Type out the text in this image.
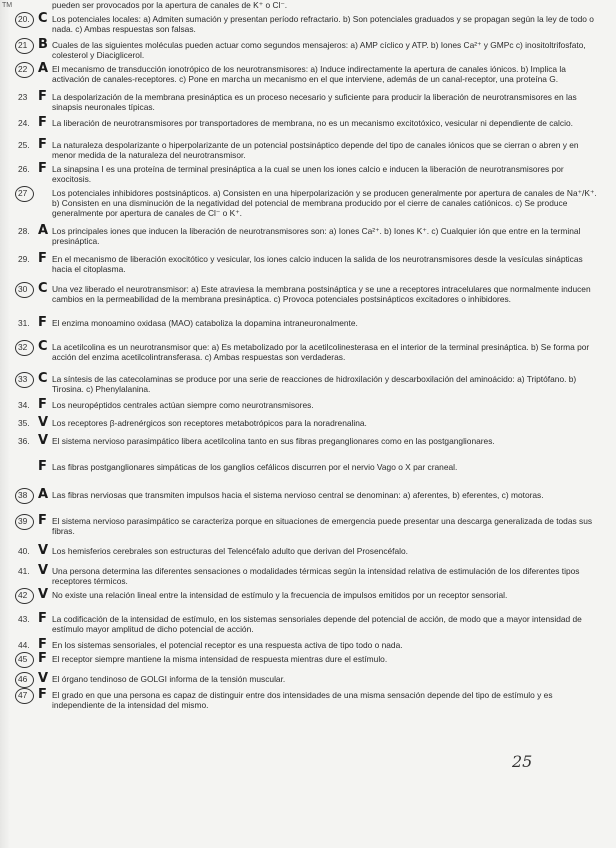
TM	pueden ser provocados por la apertura de canales de K⁺ o Cl⁻.
20. C Los potenciales locales: a) Admiten sumación y presentan período refractario. b) Son potenciales graduados y se propagan según la ley de todo o nada. c) Ambas respuestas son falsas.
21 B Cuales de las siguientes moléculas pueden actuar como segundos mensajeros: a) AMP cíclico y ATP. b) Iones Ca²⁺ y GMPc c) inositoltrifosfato, colesterol y Diaciglicerol.
22 A El mecanismo de transducción ionotrópico de los neurotransmisores: a) Induce indirectamente la apertura de canales iónicos. b) Implica la activación de canales-receptores. c) Pone en marcha un mecanismo en el que interviene, además de un canal-receptor, una proteína G.
23 F La despolarización de la membrana presináptica es un proceso necesario y suficiente para producir la liberación de neurotransmisores en las sinapsis neuronales típicas.
24. F La liberación de neurotransmisores por transportadores de membrana, no es un mecanismo excitotóxico, vesicular ni dependiente de calcio.
25. F La naturaleza despolarizante o hiperpolarizante de un potencial postsináptico depende del tipo de canales iónicos que se cierran o abren y en menor medida de la naturaleza del neurotransmisor.
26. F La sinapsina I es una proteína de terminal presináptica a la cual se unen los iones calcio e inducen la liberación de neurotransmisores por exocitosis.
27	Los potenciales inhibidores postsinápticos. a) Consisten en una hiperpolarización y se producen generalmente por apertura de canales de Na⁺/K⁺. b) Consisten en una disminución de la negatividad del potencial de membrana producido por el cierre de canales catiónicos. c) Se produce generalmente por apertura de canales de Cl⁻ o K⁺.
28. A Los principales iones que inducen la liberación de neurotransmisores son: a) Iones Ca²⁺. b) Iones K⁺. c) Cualquier ión que entre en la terminal presináptica.
29. F En el mecanismo de liberación exocitótico y vesicular, los iones calcio inducen la salida de los neurotransmisores desde la vesículas sinápticas hacia el citoplasma.
30 C Una vez liberado el neurotransmisor: a) Este atraviesa la membrana postsináptica y se une a receptores intracelulares que normalmente inducen cambios en la permeabilidad de la membrana presináptica. c) Provoca potenciales postsinápticos excitadores o inhibidores.
31. F El enzima monoamino oxidasa (MAO) cataboliza la dopamina intraneuronalmente.
32 C La acetilcolina es un neurotransmisor que: a) Es metabolizado por la acetilcolinesterasa en el interior de la terminal presináptica. b) Se forma por acción del enzima acetilcolintransferasa. c) Ambas respuestas son verdaderas.
33 C La síntesis de las catecolaminas se produce por una serie de reacciones de hidroxilación y descarboxilación del aminoácido: a) Triptófano. b) Tirosina. c) Phenylalanina.
34. F Los neuropéptidos centrales actúan siempre como neurotransmisores.
35. V Los receptores β-adrenérgicos son receptores metabotrópicos para la noradrenalina.
36. V El sistema nervioso parasimpático libera acetilcolina tanto en sus fibras preganglionares como en las postganglionares.
F Las fibras postganglionares simpáticas de los ganglios cefálicos discurren por el nervio Vago o X par craneal.
38 A Las fibras nerviosas que transmiten impulsos hacia el sistema nervioso central se denominan: a) aferentes, b) eferentes, c) motoras.
39 F El sistema nervioso parasimpático se caracteriza porque en situaciones de emergencia puede presentar una descarga generalizada de todas sus fibras.
40. V Los hemisferios cerebrales son estructuras del Telencéfalo adulto que derivan del Prosencéfalo.
41. V Una persona determina las diferentes sensaciones o modalidades térmicas según la intensidad relativa de estimulación de los diferentes tipos receptores térmicos.
42 V No existe una relación lineal entre la intensidad de estímulo y la frecuencia de impulsos emitidos por un receptor sensorial.
43. F La codificación de la intensidad de estímulo, en los sistemas sensoriales depende del potencial de acción, de modo que a mayor intensidad de estímulo mayor amplitud de dicho potencial de acción.
44. F En los sistemas sensoriales, el potencial receptor es una respuesta activa de tipo todo o nada.
45 F El receptor siempre mantiene la misma intensidad de respuesta mientras dure el estímulo.
46 V El órgano tendinoso de GOLGI informa de la tensión muscular.
47 F El grado en que una persona es capaz de distinguir entre dos intensidades de una misma sensación depende del tipo de estímulo y es independiente de la intensidad del mismo.
25
